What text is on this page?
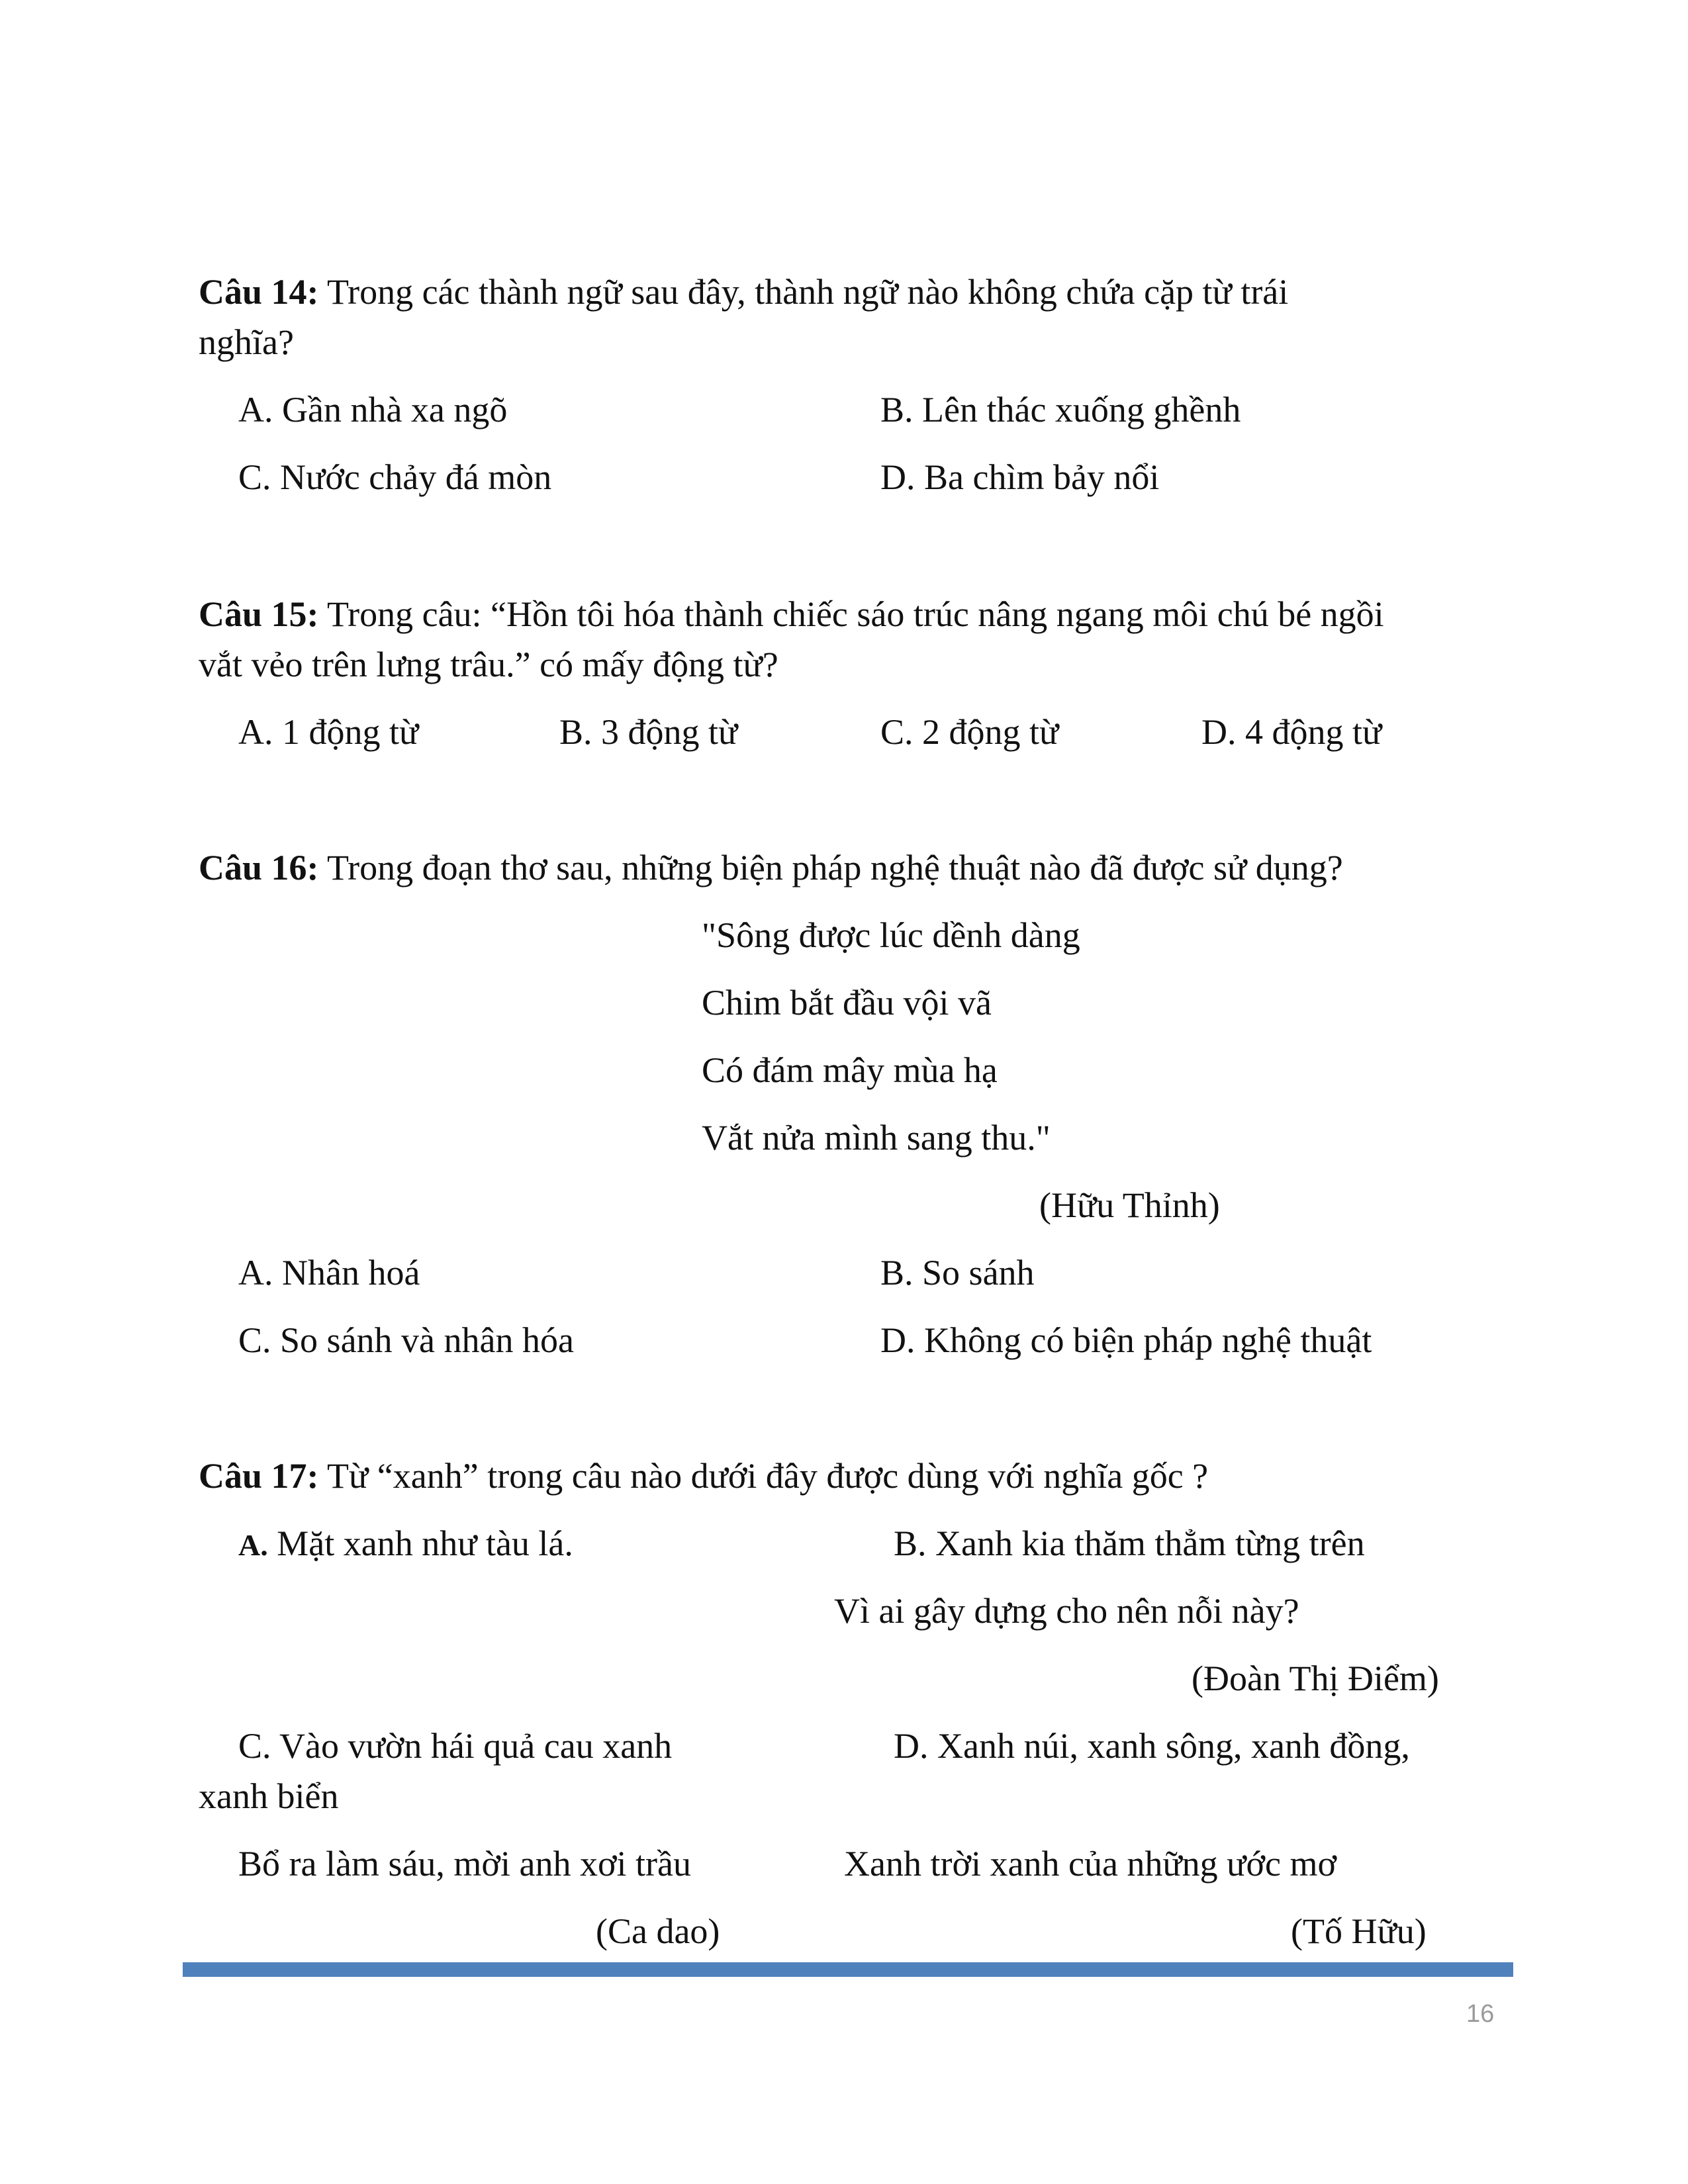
Câu 14: Trong các thành ngữ sau đây, thành ngữ nào không chứa cặp từ trái
nghĩa?
A. Gần nhà xa ngõ	B. Lên thác xuống ghềnh
C. Nước chảy đá mòn	D. Ba chìm bảy nổi
Câu 15: Trong câu: “Hồn tôi hóa thành chiếc sáo trúc nâng ngang môi chú bé ngồi
vắt vẻo trên lưng trâu.” có mấy động từ?
A. 1 động từ	B. 3 động từ	C. 2 động từ	D. 4 động từ
Câu 16: Trong đoạn thơ sau, những biện pháp nghệ thuật nào đã được sử dụng?
"Sông được lúc dềnh dàng
Chim bắt đầu vội vã
Có đám mây mùa hạ
Vắt nửa mình sang thu."
(Hữu Thỉnh)
A. Nhân hoá	B. So sánh
C. So sánh và nhân hóa	D. Không có biện pháp nghệ thuật
Câu 17: Từ “xanh” trong câu nào dưới đây được dùng với nghĩa gốc ?
A. Mặt xanh như tàu lá.	B. Xanh kia thăm thẳm từng trên
Vì ai gây dựng cho nên nỗi này?
(Đoàn Thị Điểm)
C. Vào vườn hái quả cau xanh	D. Xanh núi, xanh sông, xanh đồng,
xanh biển
Bổ ra làm sáu, mời anh xơi trầu	Xanh trời xanh của những ước mơ
(Ca dao)	(Tố Hữu)
16
